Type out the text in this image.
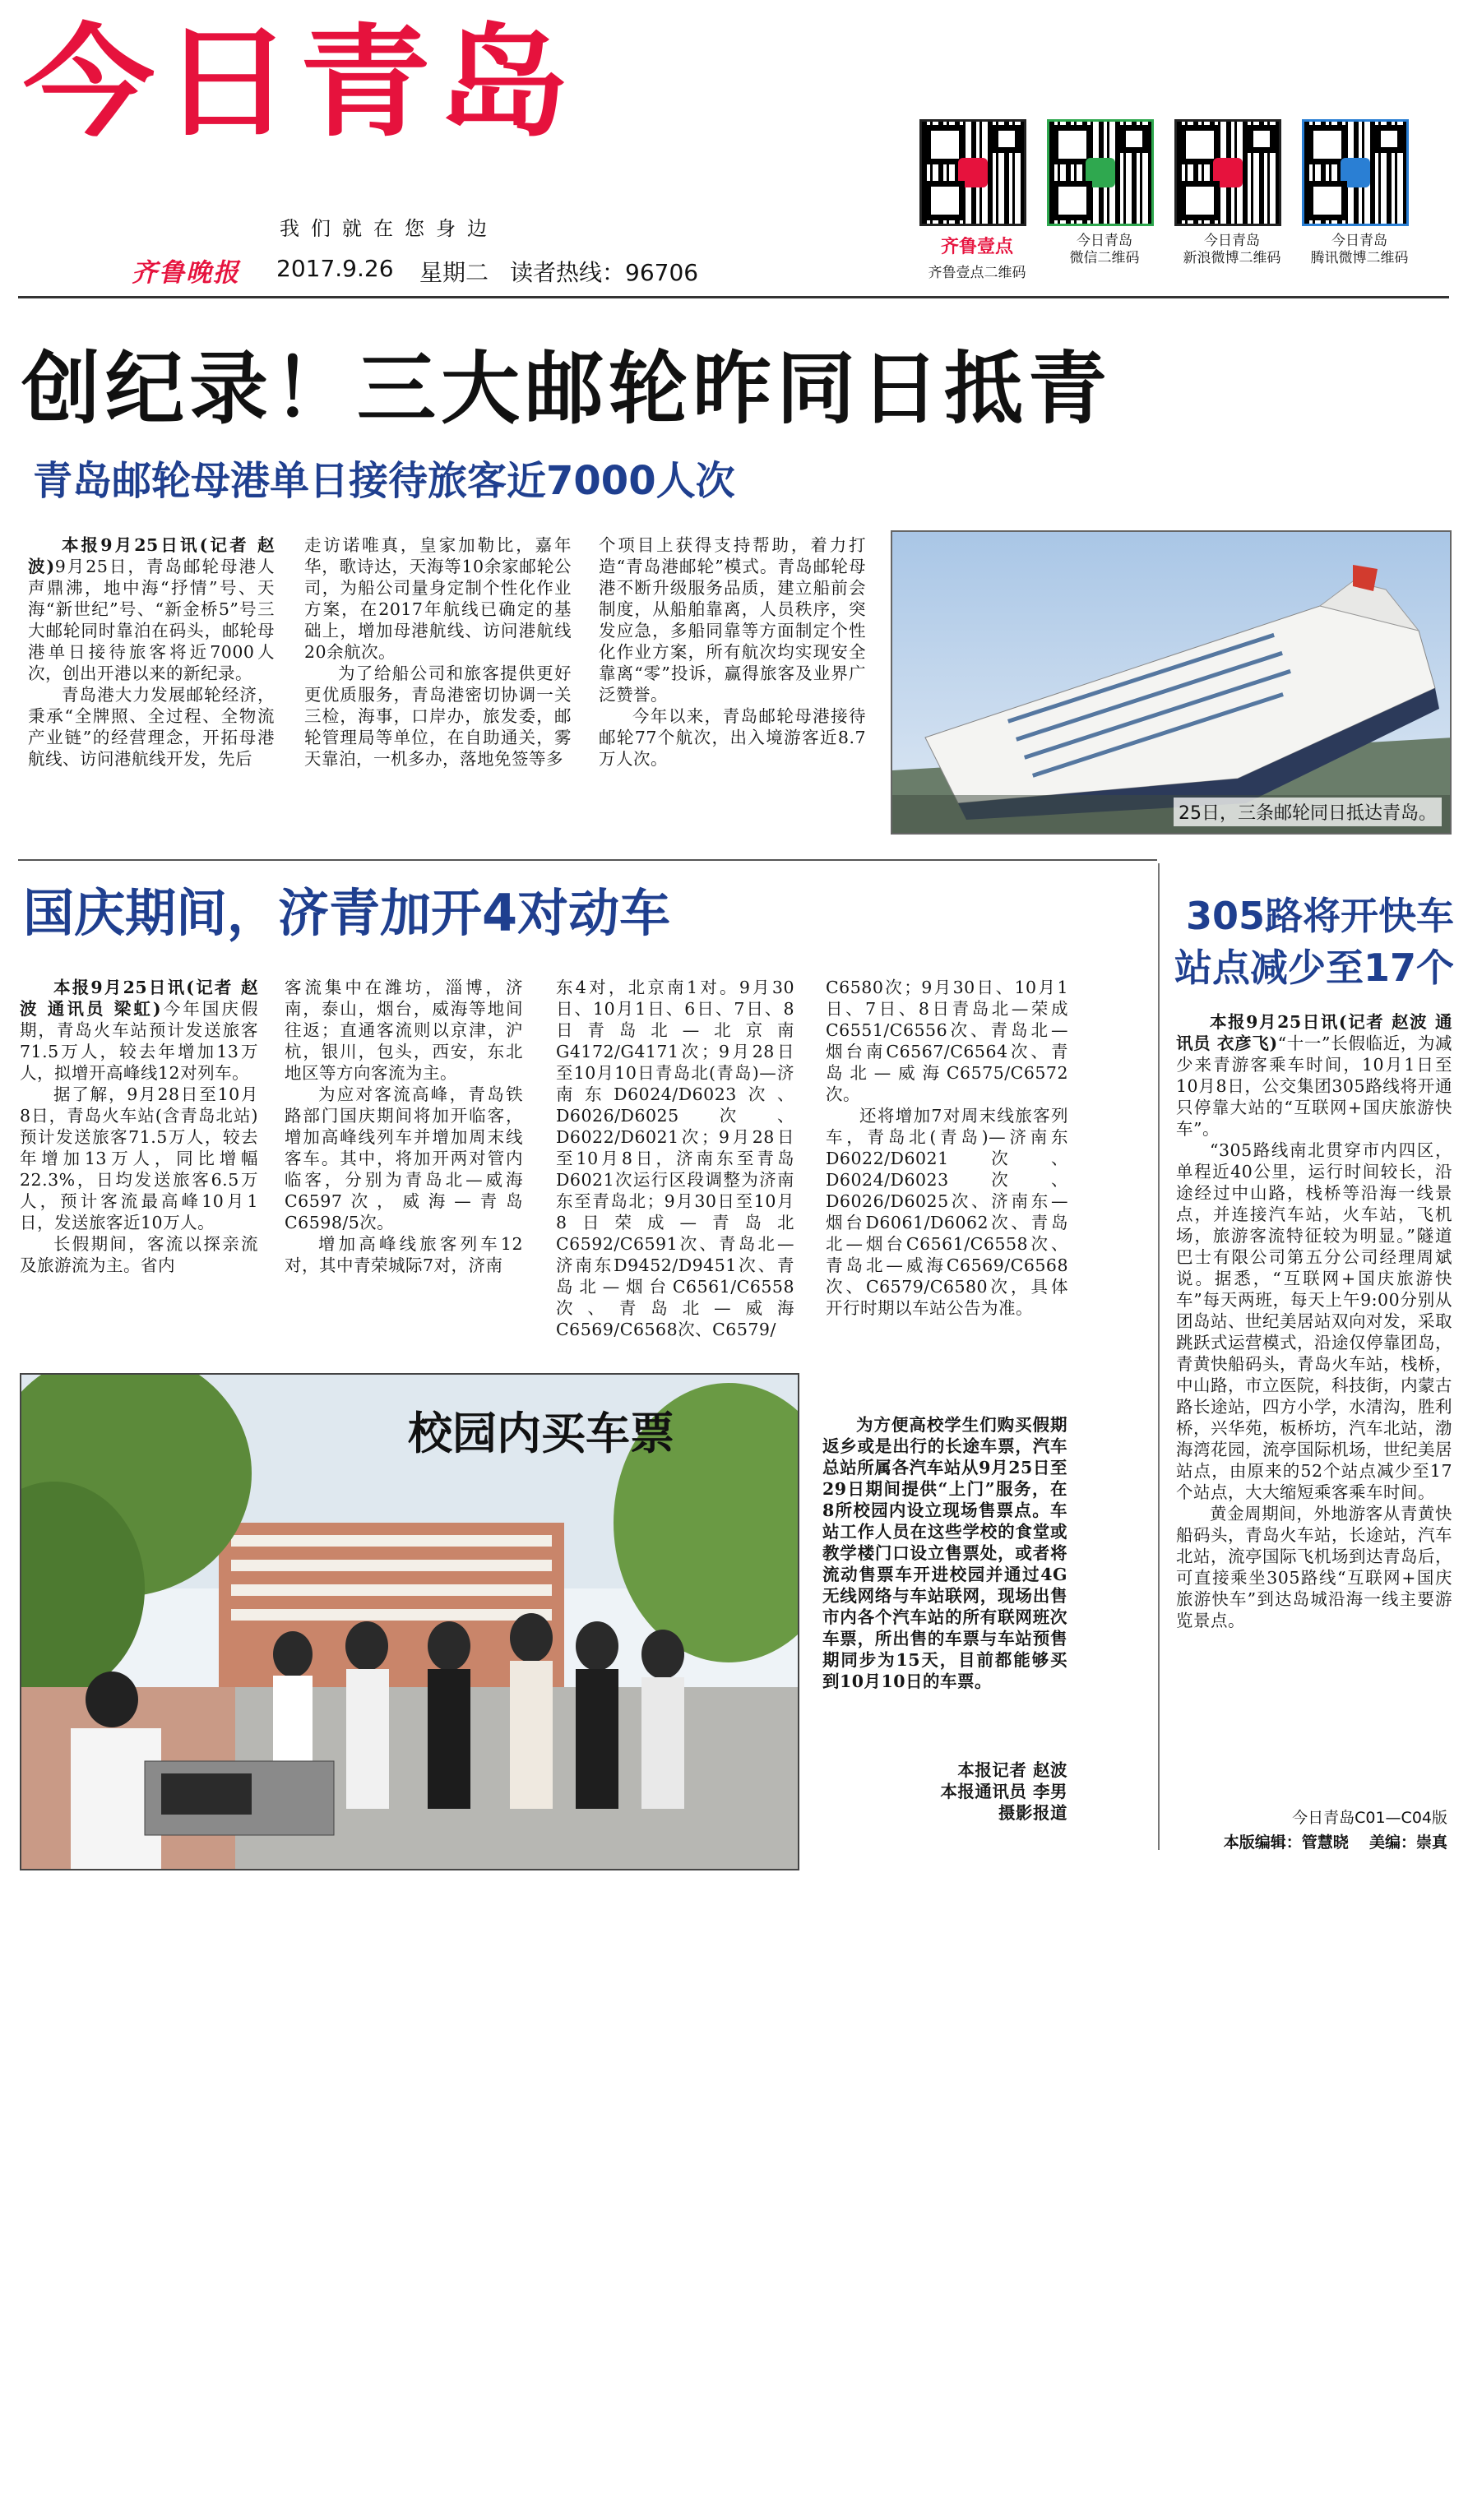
今日青岛
我们就在您身边
齐鲁晚报 2017.9.26 星期二 读者热线：96706
齐鲁壹点
齐鲁壹点二维码
今日青岛
微信二维码
今日青岛
新浪微博二维码
今日青岛
腾讯微博二维码
创纪录！三大邮轮昨同日抵青
青岛邮轮母港单日接待旅客近7000人次

本报9月25日讯(记者 赵波)9月25日，青岛邮轮母港人声鼎沸，地中海“抒情”号、天海“新世纪”号、“新金桥5”号三大邮轮同时靠泊在码头，邮轮母港单日接待旅客将近7000人次，创出开港以来的新纪录。

青岛港大力发展邮轮经济，秉承“全牌照、全过程、全物流产业链”的经营理念，开拓母港航线、访问港航线开发，先后

走访诺唯真，皇家加勒比，嘉年华，歌诗达，天海等10余家邮轮公司，为船公司量身定制个性化作业方案，在2017年航线已确定的基础上，增加母港航线、访问港航线20余航次。

为了给船公司和旅客提供更好更优质服务，青岛港密切协调一关三检，海事，口岸办，旅发委，邮轮管理局等单位，在自助通关，雾天靠泊，一机多办，落地免签等多

个项目上获得支持帮助，着力打造“青岛港邮轮”模式。青岛邮轮母港不断升级服务品质，建立船前会制度，从船舶靠离，人员秩序，突发应急，多船同靠等方面制定个性化作业方案，所有航次均实现安全靠离“零”投诉，赢得旅客及业界广泛赞誉。

今年以来，青岛邮轮母港接待邮轮77个航次，出入境游客近8.7万人次。

25日，三条邮轮同日抵达青岛。
国庆期间，济青加开4对动车

本报9月25日讯(记者 赵波 通讯员 梁虹)今年国庆假期，青岛火车站预计发送旅客71.5万人，较去年增加13万人，拟增开高峰线12对列车。

据了解，9月28日至10月8日，青岛火车站(含青岛北站)预计发送旅客71.5万人，较去年增加13万人，同比增幅22.3%，日均发送旅客6.5万人，预计客流最高峰10月1日，发送旅客近10万人。

长假期间，客流以探亲流及旅游流为主。省内

客流集中在潍坊，淄博，济南，泰山，烟台，威海等地间往返；直通客流则以京津，沪杭，银川，包头，西安，东北地区等方向客流为主。

为应对客流高峰，青岛铁路部门国庆期间将加开临客，增加高峰线列车并增加周末线客车。其中，将加开两对管内临客，分别为青岛北—威海C6597次，威海—青岛C6598/5次。

增加高峰线旅客列车12对，其中青荣城际7对，济南

东4对，北京南1对。9月30日、10月1日、6日、7日、8日青岛北—北京南G4172/G4171次；9月28日至10月10日青岛北(青岛)—济南东D6024/D6023次、D6026/D6025次、D6022/D6021次；9月28日至10月8日，济南东至青岛D6021次运行区段调整为济南东至青岛北；9月30日至10月8日荣成—青岛北C6592/C6591次、青岛北—济南东D9452/D9451次、青岛北—烟台C6561/C6558次、青岛北—威海C6569/C6568次、C6579/

C6580次；9月30日、10月1日、7日、8日青岛北—荣成C6551/C6556次、青岛北—烟台南C6567/C6564次、青岛北—威海C6575/C6572次。

还将增加7对周末线旅客列车，青岛北(青岛)—济南东D6022/D6021次、D6024/D6023次、D6026/D6025次、济南东—烟台D6061/D6062次、青岛北—烟台C6561/C6558次、青岛北—威海C6569/C6568次、C6579/C6580次，具体开行时期以车站公告为准。

305路将开快车
站点减少至17个

本报9月25日讯(记者 赵波 通讯员 衣彦飞)“十一”长假临近，为减少来青游客乘车时间，10月1日至10月8日，公交集团305路线将开通只停靠大站的“互联网+国庆旅游快车”。

“305路线南北贯穿市内四区，单程近40公里，运行时间较长，沿途经过中山路，栈桥等沿海一线景点，并连接汽车站，火车站，飞机场，旅游客流特征较为明显。”隧道巴士有限公司第五分公司经理周斌说。据悉，“互联网+国庆旅游快车”每天两班，每天上午9:00分别从团岛站、世纪美居站双向对发，采取跳跃式运营模式，沿途仅停靠团岛，青黄快船码头，青岛火车站，栈桥，中山路，市立医院，科技街，内蒙古路长途站，四方小学，水清沟，胜利桥，兴华苑，板桥坊，汽车北站，渤海湾花园，流亭国际机场，世纪美居站点，由原来的52个站点减少至17个站点，大大缩短乘客乘车时间。

黄金周期间，外地游客从青黄快船码头，青岛火车站，长途站，汽车北站，流亭国际飞机场到达青岛后，可直接乘坐305路线“互联网+国庆旅游快车”到达岛城沿海一线主要游览景点。

校园内买车票	为方便高校学生们购买假期返乡或是出行的长途车票，汽车总站所属各汽车站从9月25日至29日期间提供“上门”服务，在8所校园内设立现场售票点。车站工作人员在这些学校的食堂或教学楼门口设立售票处，或者将流动售票车开进校园并通过4G无线网络与车站联网，现场出售市内各个汽车站的所有联网班次车票，所出售的车票与车站预售期同步为15天，目前都能够买到10月10日的车票。
本报记者 赵波
本报通讯员 李男
摄影报道	今日青岛C01—C04版
本版编辑：管慧晓 美编：崇真
